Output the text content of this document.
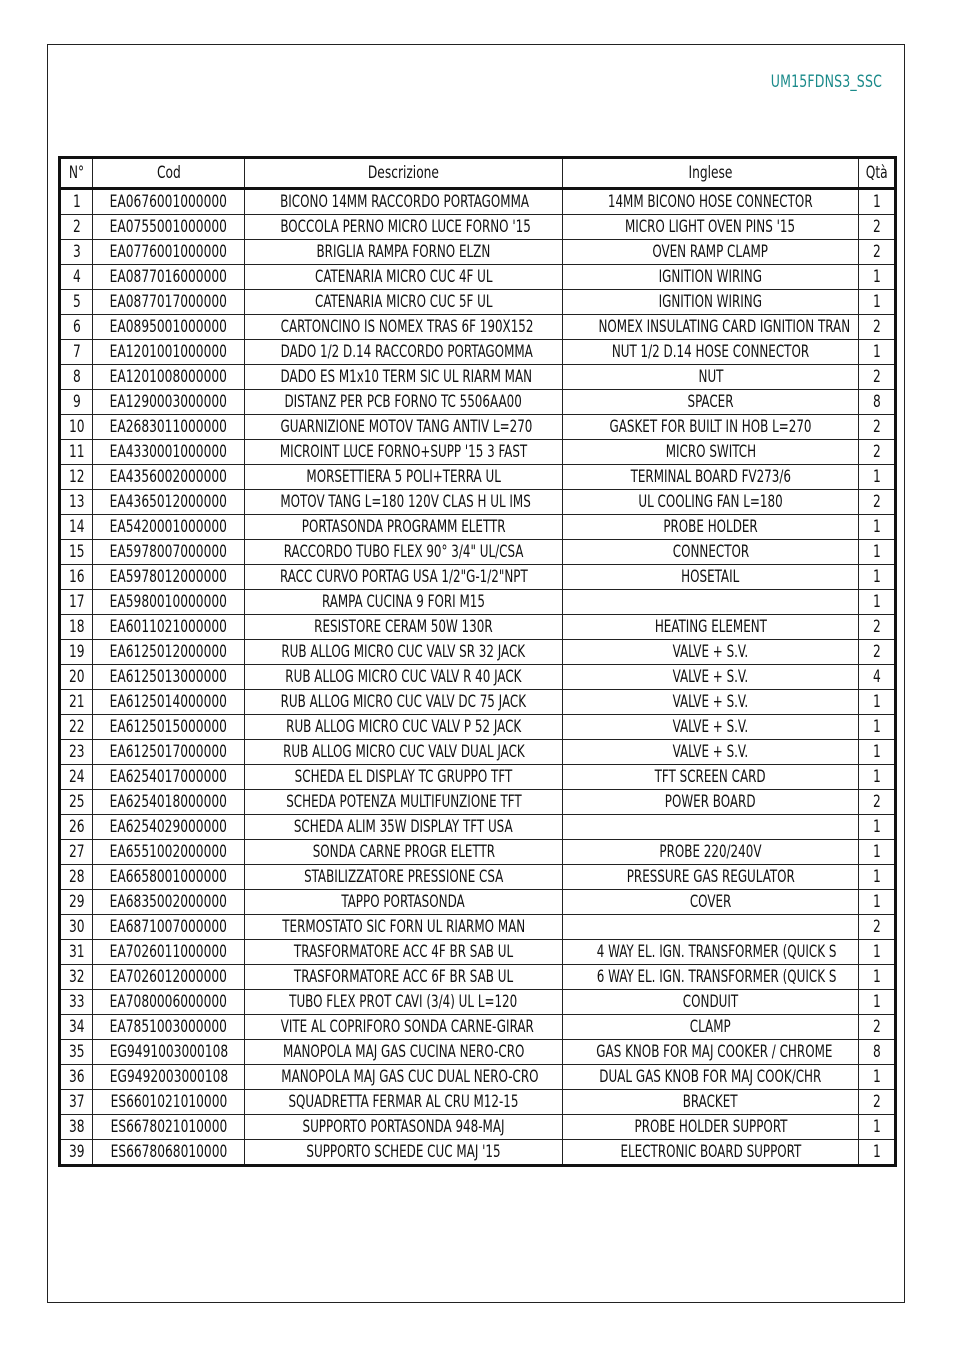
UM15FDNS3_SSC
N°	Cod	Descrizione	Inglese	Qtà
1	EA0676001000000	BICONO 14MM RACCORDO PORTAGOMMA	14MM BICONO HOSE CONNECTOR	1
2	EA0755001000000	BOCCOLA PERNO MICRO LUCE FORNO '15	MICRO LIGHT OVEN PINS '15	2
3	EA0776001000000	BRIGLIA RAMPA FORNO ELZN	OVEN RAMP CLAMP	2
4	EA0877016000000	CATENARIA MICRO CUC 4F UL	IGNITION WIRING	1
5	EA0877017000000	CATENARIA MICRO CUC 5F UL	IGNITION WIRING	1
6	EA0895001000000	CARTONCINO IS NOMEX TRAS 6F 190X152	NOMEX INSULATING CARD IGNITION TRAN	2
7	EA1201001000000	DADO 1/2 D.14 RACCORDO PORTAGOMMA	NUT 1/2 D.14 HOSE CONNECTOR	1
8	EA1201008000000	DADO ES M1x10 TERM SIC UL RIARM MAN	NUT	2
9	EA1290003000000	DISTANZ PER PCB FORNO TC 5506AA00	SPACER	8
10	EA2683011000000	GUARNIZIONE MOTOV TANG ANTIV L=270	GASKET FOR BUILT IN HOB L=270	2
11	EA4330001000000	MICROINT LUCE FORNO+SUPP '15 3 FAST	MICRO SWITCH	2
12	EA4356002000000	MORSETTIERA 5 POLI+TERRA UL	TERMINAL BOARD FV273/6	1
13	EA4365012000000	MOTOV TANG L=180 120V CLAS H UL IMS	UL COOLING FAN L=180	2
14	EA5420001000000	PORTASONDA PROGRAMM ELETTR	PROBE HOLDER	1
15	EA5978007000000	RACCORDO TUBO FLEX 90° 3/4" UL/CSA	CONNECTOR	1
16	EA5978012000000	RACC CURVO PORTAG USA 1/2"G-1/2"NPT	HOSETAIL	1
17	EA5980010000000	RAMPA CUCINA 9 FORI M15		1
18	EA6011021000000	RESISTORE CERAM 50W 130R	HEATING ELEMENT	2
19	EA6125012000000	RUB ALLOG MICRO CUC VALV SR 32 JACK	VALVE + S.V.	2
20	EA6125013000000	RUB ALLOG MICRO CUC VALV R 40 JACK	VALVE + S.V.	4
21	EA6125014000000	RUB ALLOG MICRO CUC VALV DC 75 JACK	VALVE + S.V.	1
22	EA6125015000000	RUB ALLOG MICRO CUC VALV P 52 JACK	VALVE + S.V.	1
23	EA6125017000000	RUB ALLOG MICRO CUC VALV DUAL JACK	VALVE + S.V.	1
24	EA6254017000000	SCHEDA EL DISPLAY TC GRUPPO TFT	TFT SCREEN CARD	1
25	EA6254018000000	SCHEDA POTENZA MULTIFUNZIONE TFT	POWER BOARD	2
26	EA6254029000000	SCHEDA ALIM 35W DISPLAY TFT USA		1
27	EA6551002000000	SONDA CARNE PROGR ELETTR	PROBE 220/240V	1
28	EA6658001000000	STABILIZZATORE PRESSIONE CSA	PRESSURE GAS REGULATOR	1
29	EA6835002000000	TAPPO PORTASONDA	COVER	1
30	EA6871007000000	TERMOSTATO SIC FORN UL RIARMO MAN		2
31	EA7026011000000	TRASFORMATORE ACC 4F BR SAB UL	4 WAY EL. IGN. TRANSFORMER (QUICK S	1
32	EA7026012000000	TRASFORMATORE ACC 6F BR SAB UL	6 WAY EL. IGN. TRANSFORMER (QUICK S	1
33	EA7080006000000	TUBO FLEX PROT CAVI (3/4) UL L=120	CONDUIT	1
34	EA7851003000000	VITE AL COPRIFORO SONDA CARNE-GIRAR	CLAMP	2
35	EG9491003000108	MANOPOLA MAJ GAS CUCINA NERO-CRO	GAS KNOB FOR MAJ COOKER / CHROME	8
36	EG9492003000108	MANOPOLA MAJ GAS CUC DUAL NERO-CRO	DUAL GAS KNOB FOR MAJ COOK/CHR	1
37	ES6601021010000	SQUADRETTA FERMAR AL CRU M12-15	BRACKET	2
38	ES6678021010000	SUPPORTO PORTASONDA 948-MAJ	PROBE HOLDER SUPPORT	1
39	ES6678068010000	SUPPORTO SCHEDE CUC MAJ '15	ELECTRONIC BOARD SUPPORT	1
